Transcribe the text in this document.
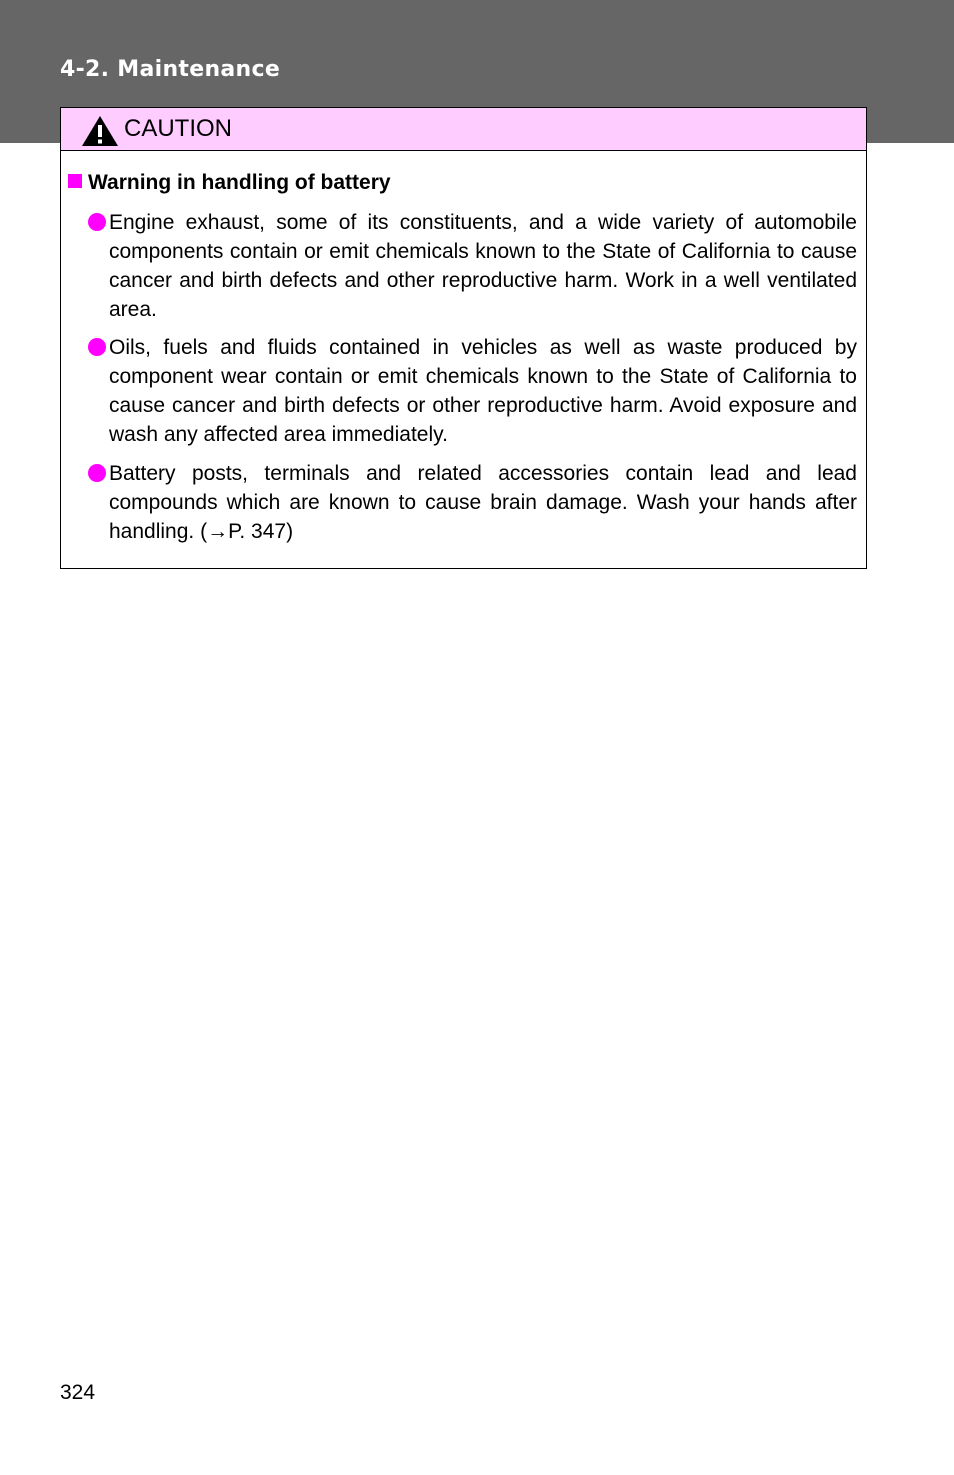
4-2. Maintenance
CAUTION
Warning in handling of battery
Engine exhaust, some of its constituents, and a wide variety of automobile components contain or emit chemicals known to the State of California to cause cancer and birth defects and other reproductive harm. Work in a well ventilated area.
Oils, fuels and fluids contained in vehicles as well as waste produced by component wear contain or emit chemicals known to the State of California to cause cancer and birth defects or other reproductive harm. Avoid exposure and wash any affected area immediately.
Battery posts, terminals and related accessories contain lead and lead compounds which are known to cause brain damage. Wash your hands after handling. (→P. 347)
324
